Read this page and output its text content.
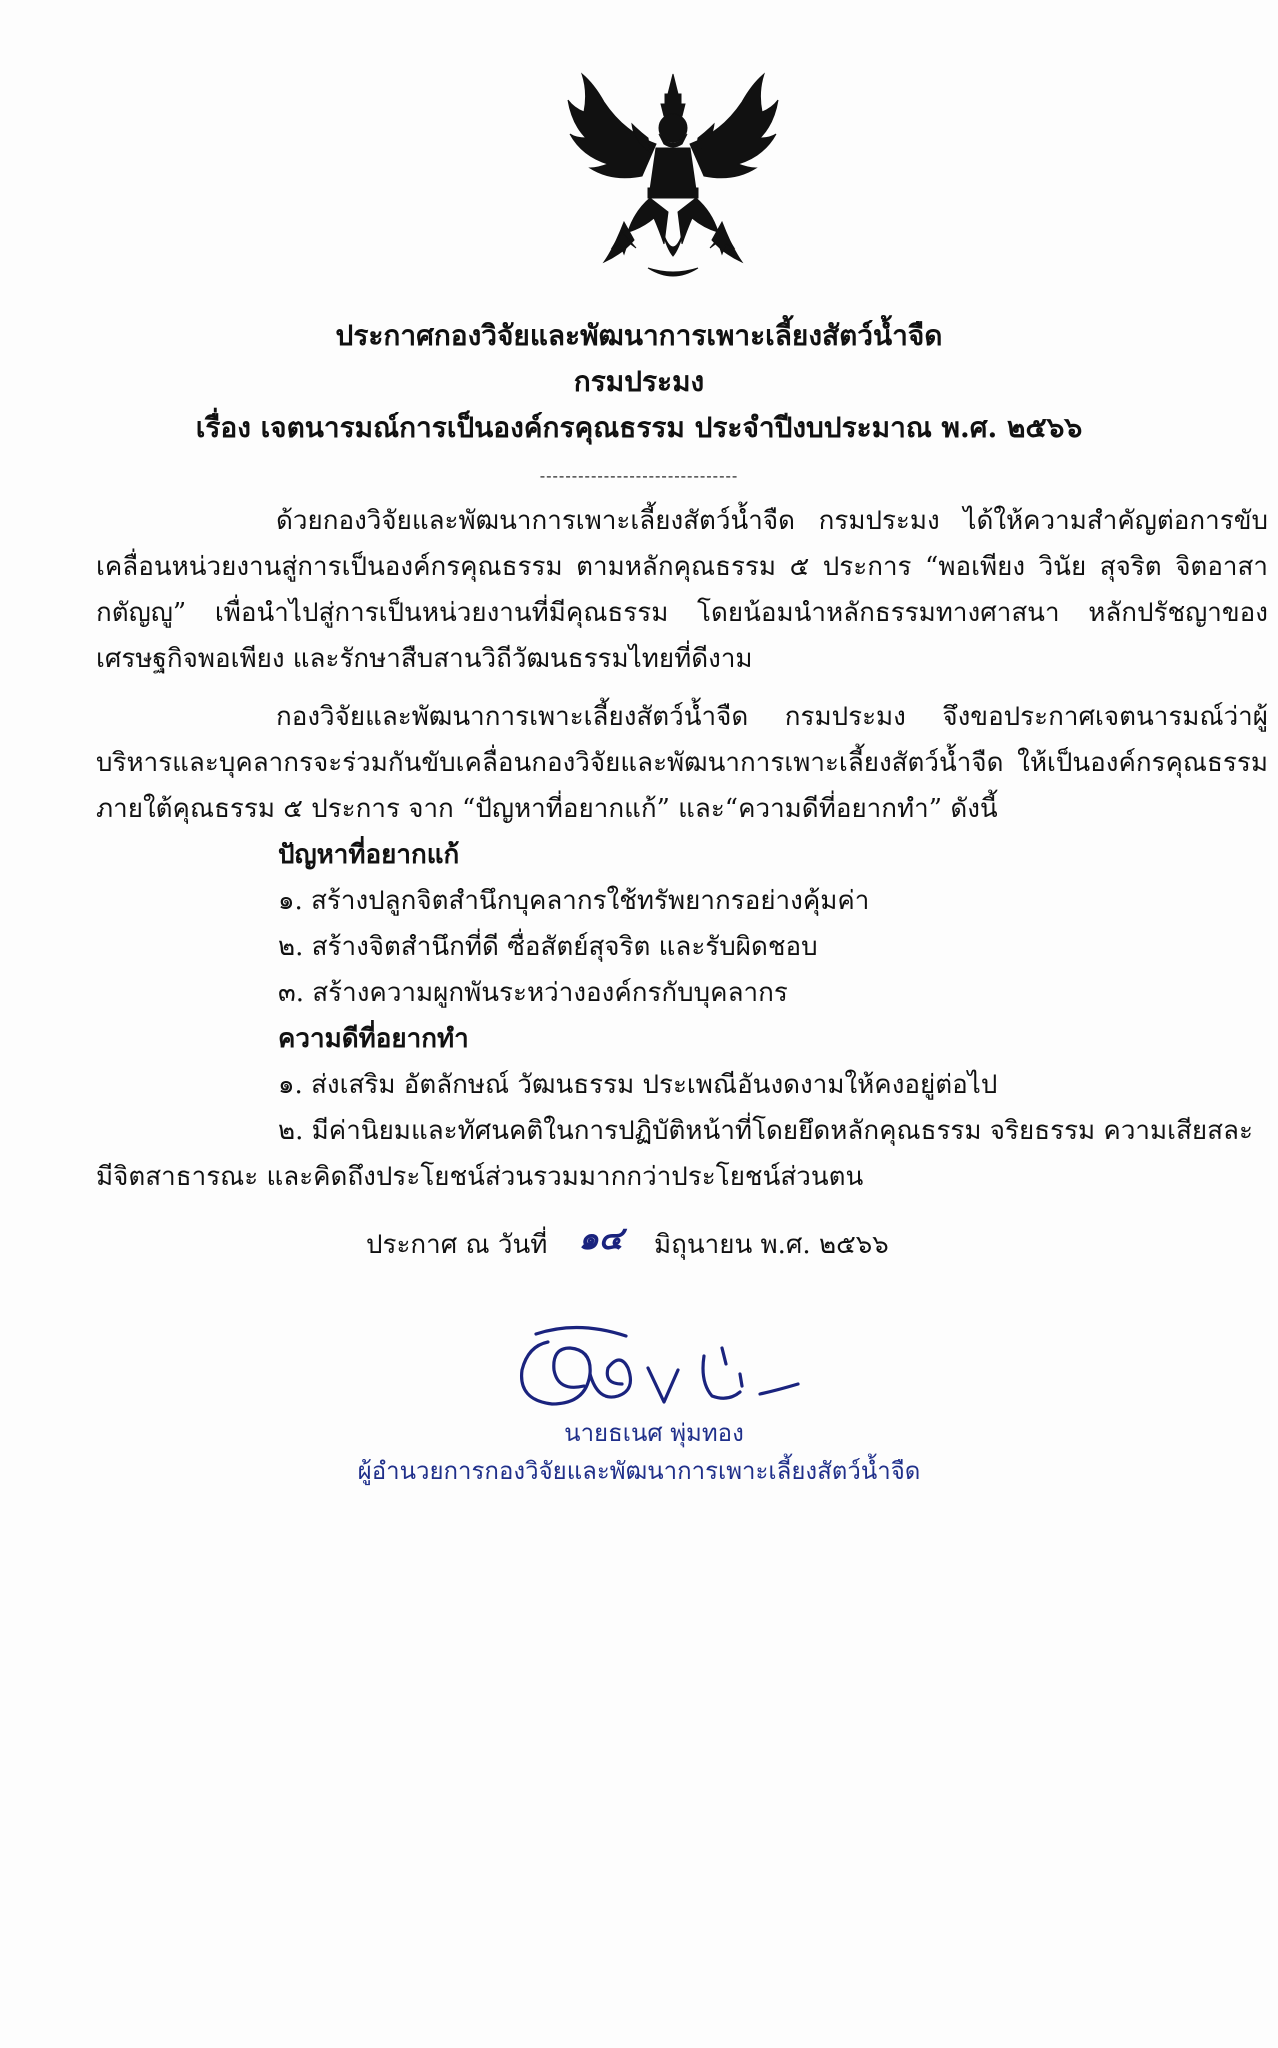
ประกาศกองวิจัยและพัฒนาการเพาะเลี้ยงสัตว์น้ำจืด
กรมประมง
เรื่อง เจตนารมณ์การเป็นองค์กรคุณธรรม ประจำปีงบประมาณ พ.ศ. ๒๕๖๖
-------------------------------

ด้วยกองวิจัยและพัฒนาการเพาะเลี้ยงสัตว์น้ำจืด กรมประมง ได้ให้ความสำคัญต่อการขับเคลื่อนหน่วยงานสู่การเป็นองค์กรคุณธรรม ตามหลักคุณธรรม ๕ ประการ “พอเพียง วินัย สุจริต จิตอาสา กตัญญู” เพื่อนำไปสู่การเป็นหน่วยงานที่มีคุณธรรม โดยน้อมนำหลักธรรมทางศาสนา หลักปรัชญาของเศรษฐกิจพอเพียง และรักษาสืบสานวิถีวัฒนธรรมไทยที่ดีงาม

กองวิจัยและพัฒนาการเพาะเลี้ยงสัตว์น้ำจืด กรมประมง จึงขอประกาศเจตนารมณ์ว่าผู้บริหารและบุคลากรจะร่วมกันขับเคลื่อนกองวิจัยและพัฒนาการเพาะเลี้ยงสัตว์น้ำจืด ให้เป็นองค์กรคุณธรรม ภายใต้คุณธรรม ๕ ประการ จาก “ปัญหาที่อยากแก้” และ“ความดีที่อยากทำ” ดังนี้

ปัญหาที่อยากแก้
๑. สร้างปลูกจิตสำนึกบุคลากรใช้ทรัพยากรอย่างคุ้มค่า
๒. สร้างจิตสำนึกที่ดี ซื่อสัตย์สุจริต และรับผิดชอบ
๓. สร้างความผูกพันระหว่างองค์กรกับบุคลากร
ความดีที่อยากทำ
๑. ส่งเสริม อัตลักษณ์ วัฒนธรรม ประเพณีอันงดงามให้คงอยู่ต่อไป

๒. มีค่านิยมและทัศนคติในการปฏิบัติหน้าที่โดยยึดหลักคุณธรรม จริยธรรม ความเสียสละมีจิตสาธารณะ และคิดถึงประโยชน์ส่วนรวมมากกว่าประโยชน์ส่วนตน

ประกาศ ณ วันที่ ๑๔ มิถุนายน พ.ศ. ๒๕๖๖
นายธเนศ พุ่มทอง
ผู้อำนวยการกองวิจัยและพัฒนาการเพาะเลี้ยงสัตว์น้ำจืด
